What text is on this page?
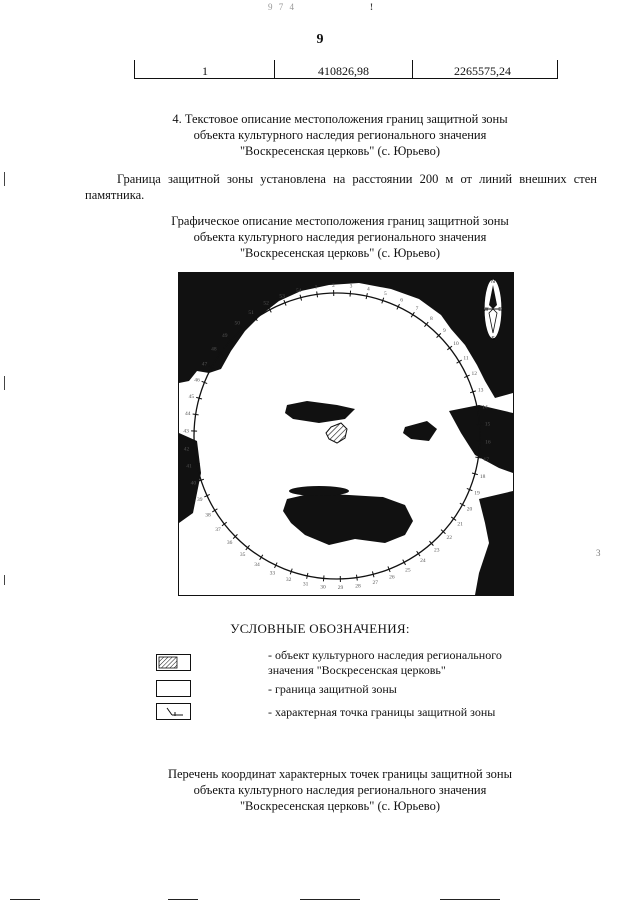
9 7 4	!
3
9
1	410826,98	2265575,24
4. Текстовое описание местоположения границ защитной зоны
объекта культурного наследия регионального значения
"Воскресенская церковь" (с. Юрьево)
Граница защитной зоны установлена на расстоянии 200 м от линий внешних стен памятника.
Графическое описание местоположения границ защитной зоны
объекта культурного наследия регионального значения
"Воскресенская церковь" (с. Юрьево)
1	2	3	4
5
6
7
8
9
10
11
12
13
14
15
16
17
18
19
20
21
22
23
24
25
26
27
28
29
30
31
32
33
34
35
36
37
38
39
40
41
42
43
44
45
46
47
48
49
50
51
52
53
54
N
W E
S
УСЛОВНЫЕ ОБОЗНАЧЕНИЯ:
- объект культурного наследия регионального
значения "Воскресенская церковь"
- граница защитной зоны
- характерная точка границы защитной зоны
Перечень координат характерных точек границы защитной зоны
объекта культурного наследия регионального значения
"Воскресенская церковь" (с. Юрьево)
